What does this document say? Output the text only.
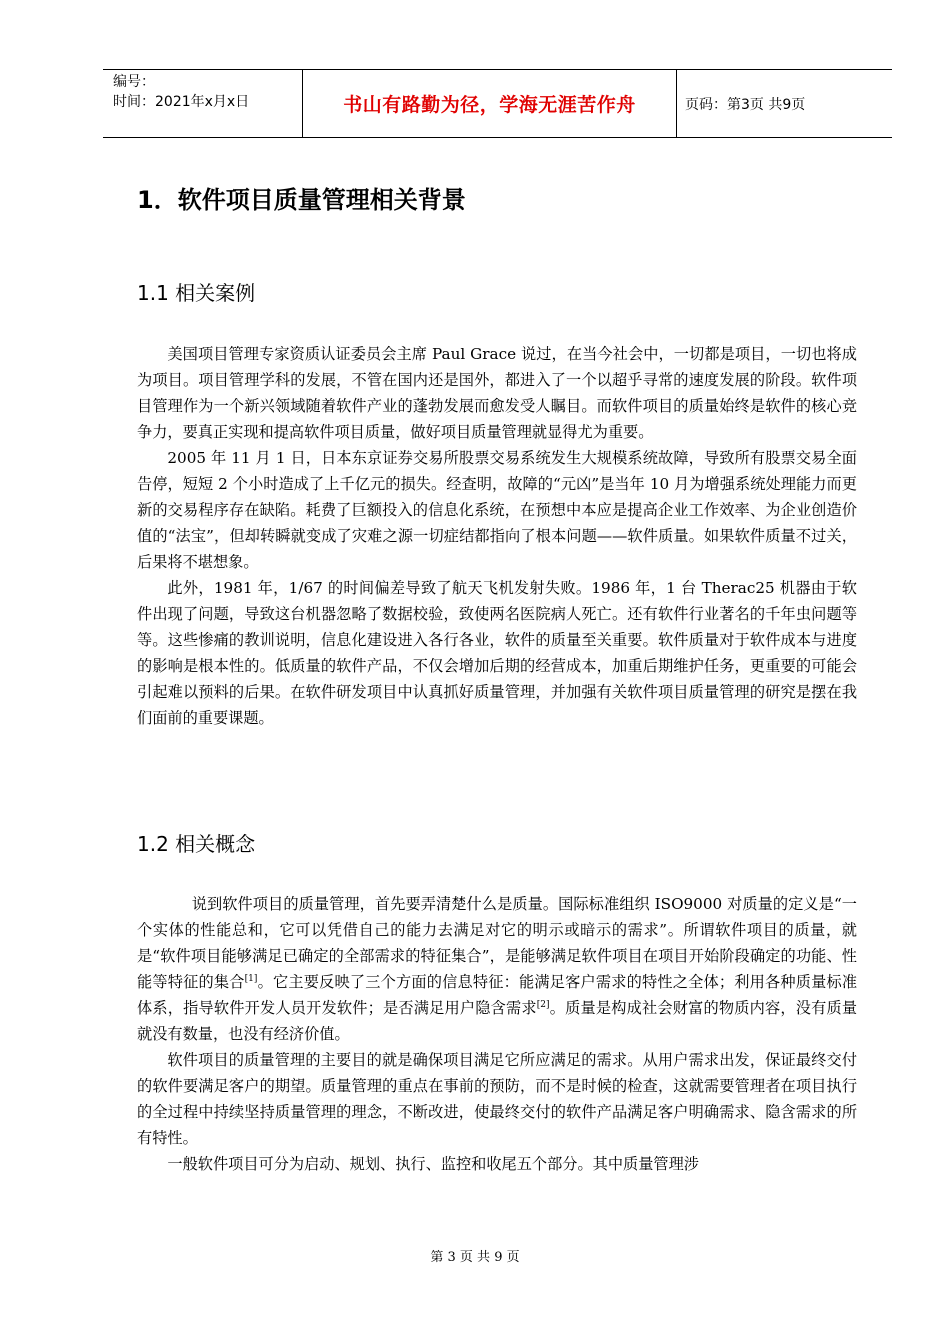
编号：
时间：2021年x月x日	书山有路勤为径，学海无涯苦作舟	页码：第3页 共9页
1．软件项目质量管理相关背景
1.1 相关案例
美国项目管理专家资质认证委员会主席 Paul Grace 说过，在当今社会中，一切都是项目，一切也将成为项目。项目管理学科的发展，不管在国内还是国外，都进入了一个以超乎寻常的速度发展的阶段。软件项目管理作为一个新兴领域随着软件产业的蓬勃发展而愈发受人瞩目。而软件项目的质量始终是软件的核心竞争力，要真正实现和提高软件项目质量，做好项目质量管理就显得尤为重要。
2005 年 11 月 1 日，日本东京证券交易所股票交易系统发生大规模系统故障，导致所有股票交易全面告停，短短 2 个小时造成了上千亿元的损失。经查明，故障的“元凶”是当年 10 月为增强系统处理能力而更新的交易程序存在缺陷。耗费了巨额投入的信息化系统，在预想中本应是提高企业工作效率、为企业创造价值的“法宝”，但却转瞬就变成了灾难之源一切症结都指向了根本问题——软件质量。如果软件质量不过关，后果将不堪想象。
此外，1981 年，1/67 的时间偏差导致了航天飞机发射失败。1986 年，1 台 Therac25 机器由于软件出现了问题，导致这台机器忽略了数据校验，致使两名医院病人死亡。还有软件行业著名的千年虫问题等等。这些惨痛的教训说明，信息化建设进入各行各业，软件的质量至关重要。软件质量对于软件成本与进度的影响是根本性的。低质量的软件产品，不仅会增加后期的经营成本，加重后期维护任务，更重要的可能会引起难以预料的后果。在软件研发项目中认真抓好质量管理，并加强有关软件项目质量管理的研究是摆在我们面前的重要课题。
1.2 相关概念
说到软件项目的质量管理，首先要弄清楚什么是质量。国际标准组织 ISO9000 对质量的定义是“一个实体的性能总和，它可以凭借自己的能力去满足对它的明示或暗示的需求”。所谓软件项目的质量，就是“软件项目能够满足已确定的全部需求的特征集合”，是能够满足软件项目在项目开始阶段确定的功能、性能等特征的集合[1]。它主要反映了三个方面的信息特征：能满足客户需求的特性之全体；利用各种质量标准体系，指导软件开发人员开发软件；是否满足用户隐含需求[2]。质量是构成社会财富的物质内容，没有质量就没有数量，也没有经济价值。
软件项目的质量管理的主要目的就是确保项目满足它所应满足的需求。从用户需求出发，保证最终交付的软件要满足客户的期望。质量管理的重点在事前的预防，而不是时候的检查，这就需要管理者在项目执行的全过程中持续坚持质量管理的理念，不断改进，使最终交付的软件产品满足客户明确需求、隐含需求的所有特性。
一般软件项目可分为启动、规划、执行、监控和收尾五个部分。其中质量管理涉
第 3 页 共 9 页
